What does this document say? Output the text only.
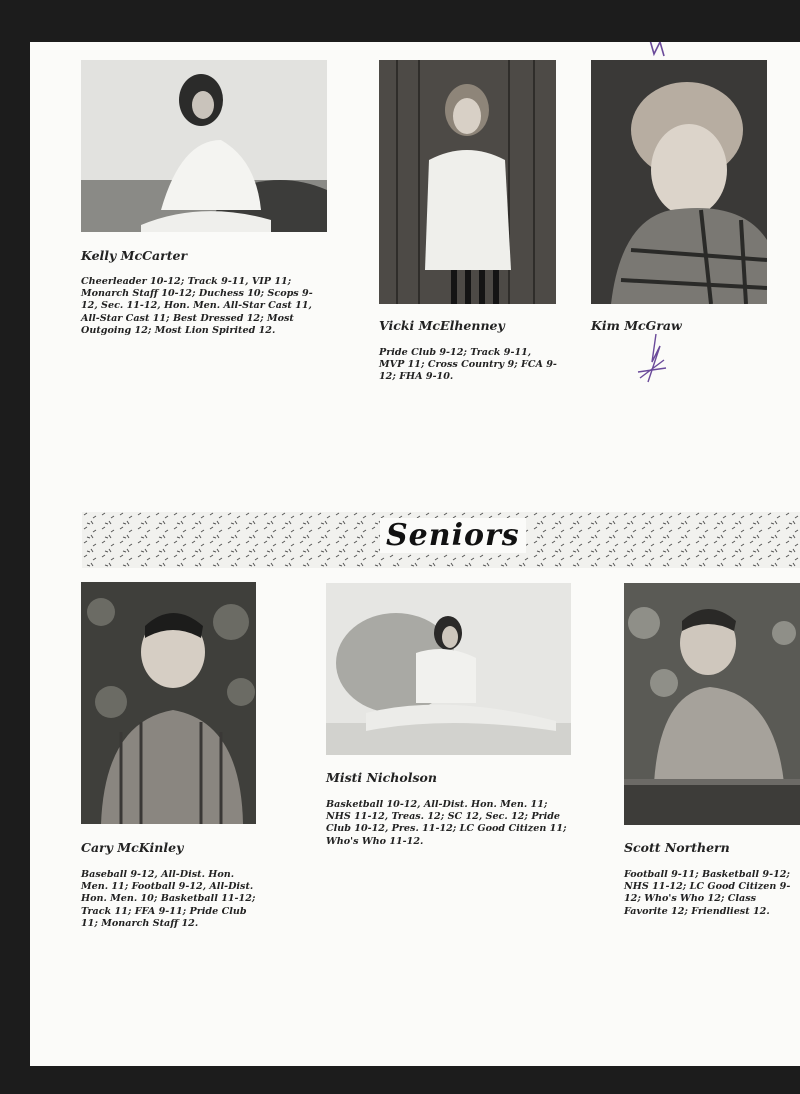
Kelly McCarter
Cheerleader 10-12; Track 9-11, VIP 11; Monarch Staff 10-12; Duchess 10; Scops 9-12, Sec. 11-12, Hon. Men. All-Star Cast 11, All-Star Cast 11; Best Dressed 12; Most Outgoing 12; Most Lion Spirited 12.	Vicki McElhenney
Pride Club 9-12; Track 9-11, MVP 11; Cross Country 9; FCA 9-12; FHA 9-10.
Kim McGraw
Seniors
Cary McKinley
Baseball 9-12, All-Dist. Hon. Men. 11; Football 9-12, All-Dist. Hon. Men. 10; Basketball 11-12; Track 11; FFA 9-11; Pride Club 11; Monarch Staff 12.
Misti Nicholson
Basketball 10-12, All-Dist. Hon. Men. 11; NHS 11-12, Treas. 12; SC 12, Sec. 12; Pride Club 10-12, Pres. 11-12; LC Good Citizen 11; Who's Who 11-12.	Scott Northern
Football 9-11; Basketball 9-12; NHS 11-12; LC Good Citizen 9-12; Who's Who 12; Class Favorite 12; Friendliest 12.
